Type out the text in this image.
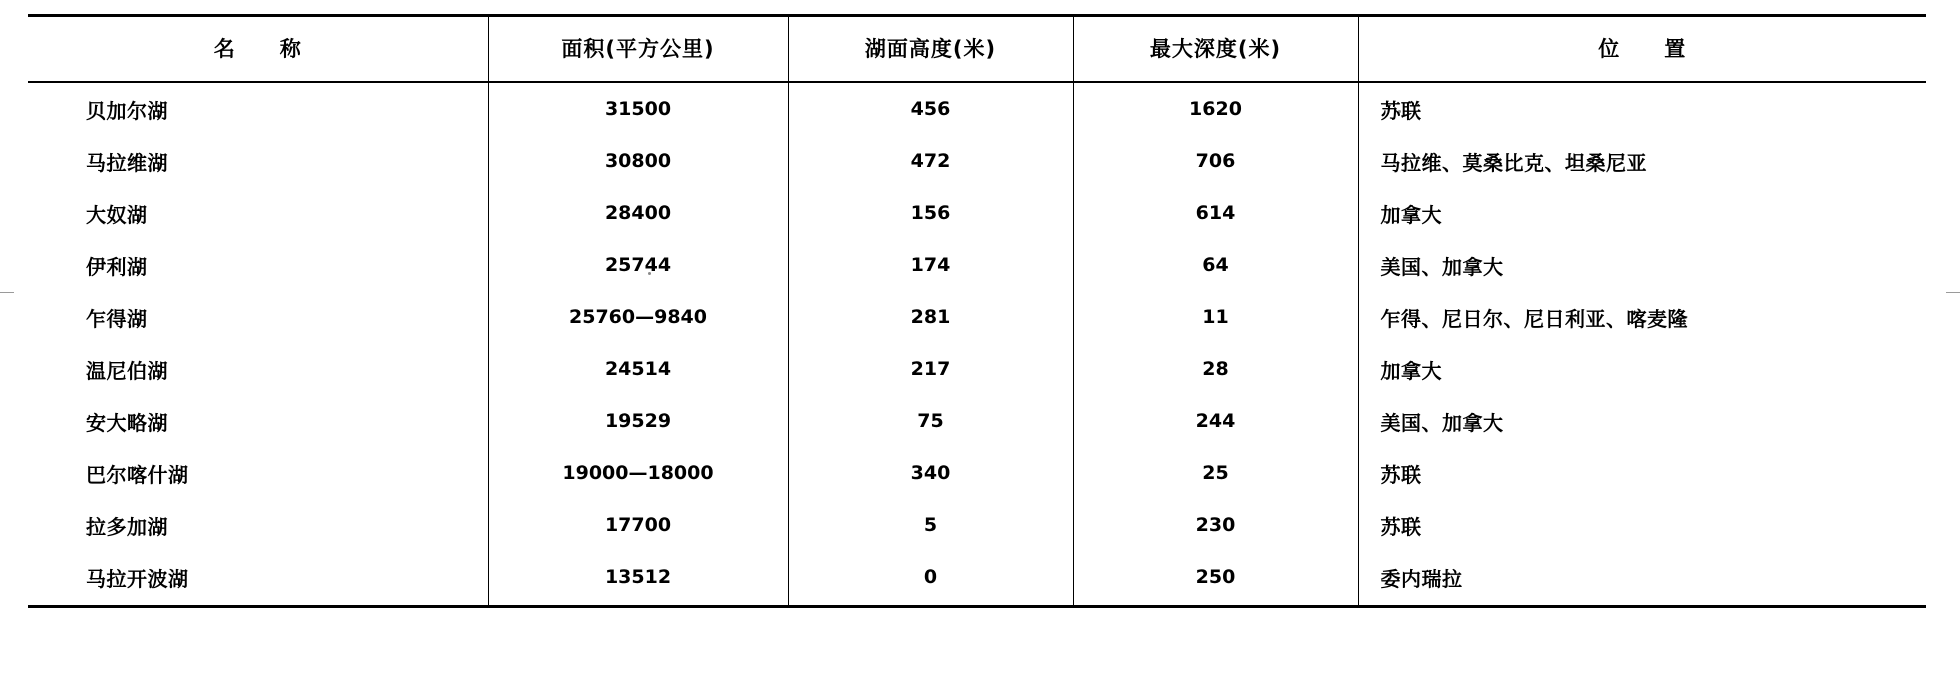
名　　称	面积(平方公里)	湖面高度(米)	最大深度(米)	位　　置
贝加尔湖	31500	456	1620	苏联
马拉维湖	30800	472	706	马拉维、莫桑比克、坦桑尼亚
大奴湖	28400	156	614	加拿大
伊利湖	25744	174	64	美国、加拿大
乍得湖	25760—9840	281	11	乍得、尼日尔、尼日利亚、喀麦隆
温尼伯湖	24514	217	28	加拿大
安大略湖	19529	75	244	美国、加拿大
巴尔喀什湖	19000—18000	340	25	苏联
拉多加湖	17700	5	230	苏联
马拉开波湖	13512	0	250	委内瑞拉
